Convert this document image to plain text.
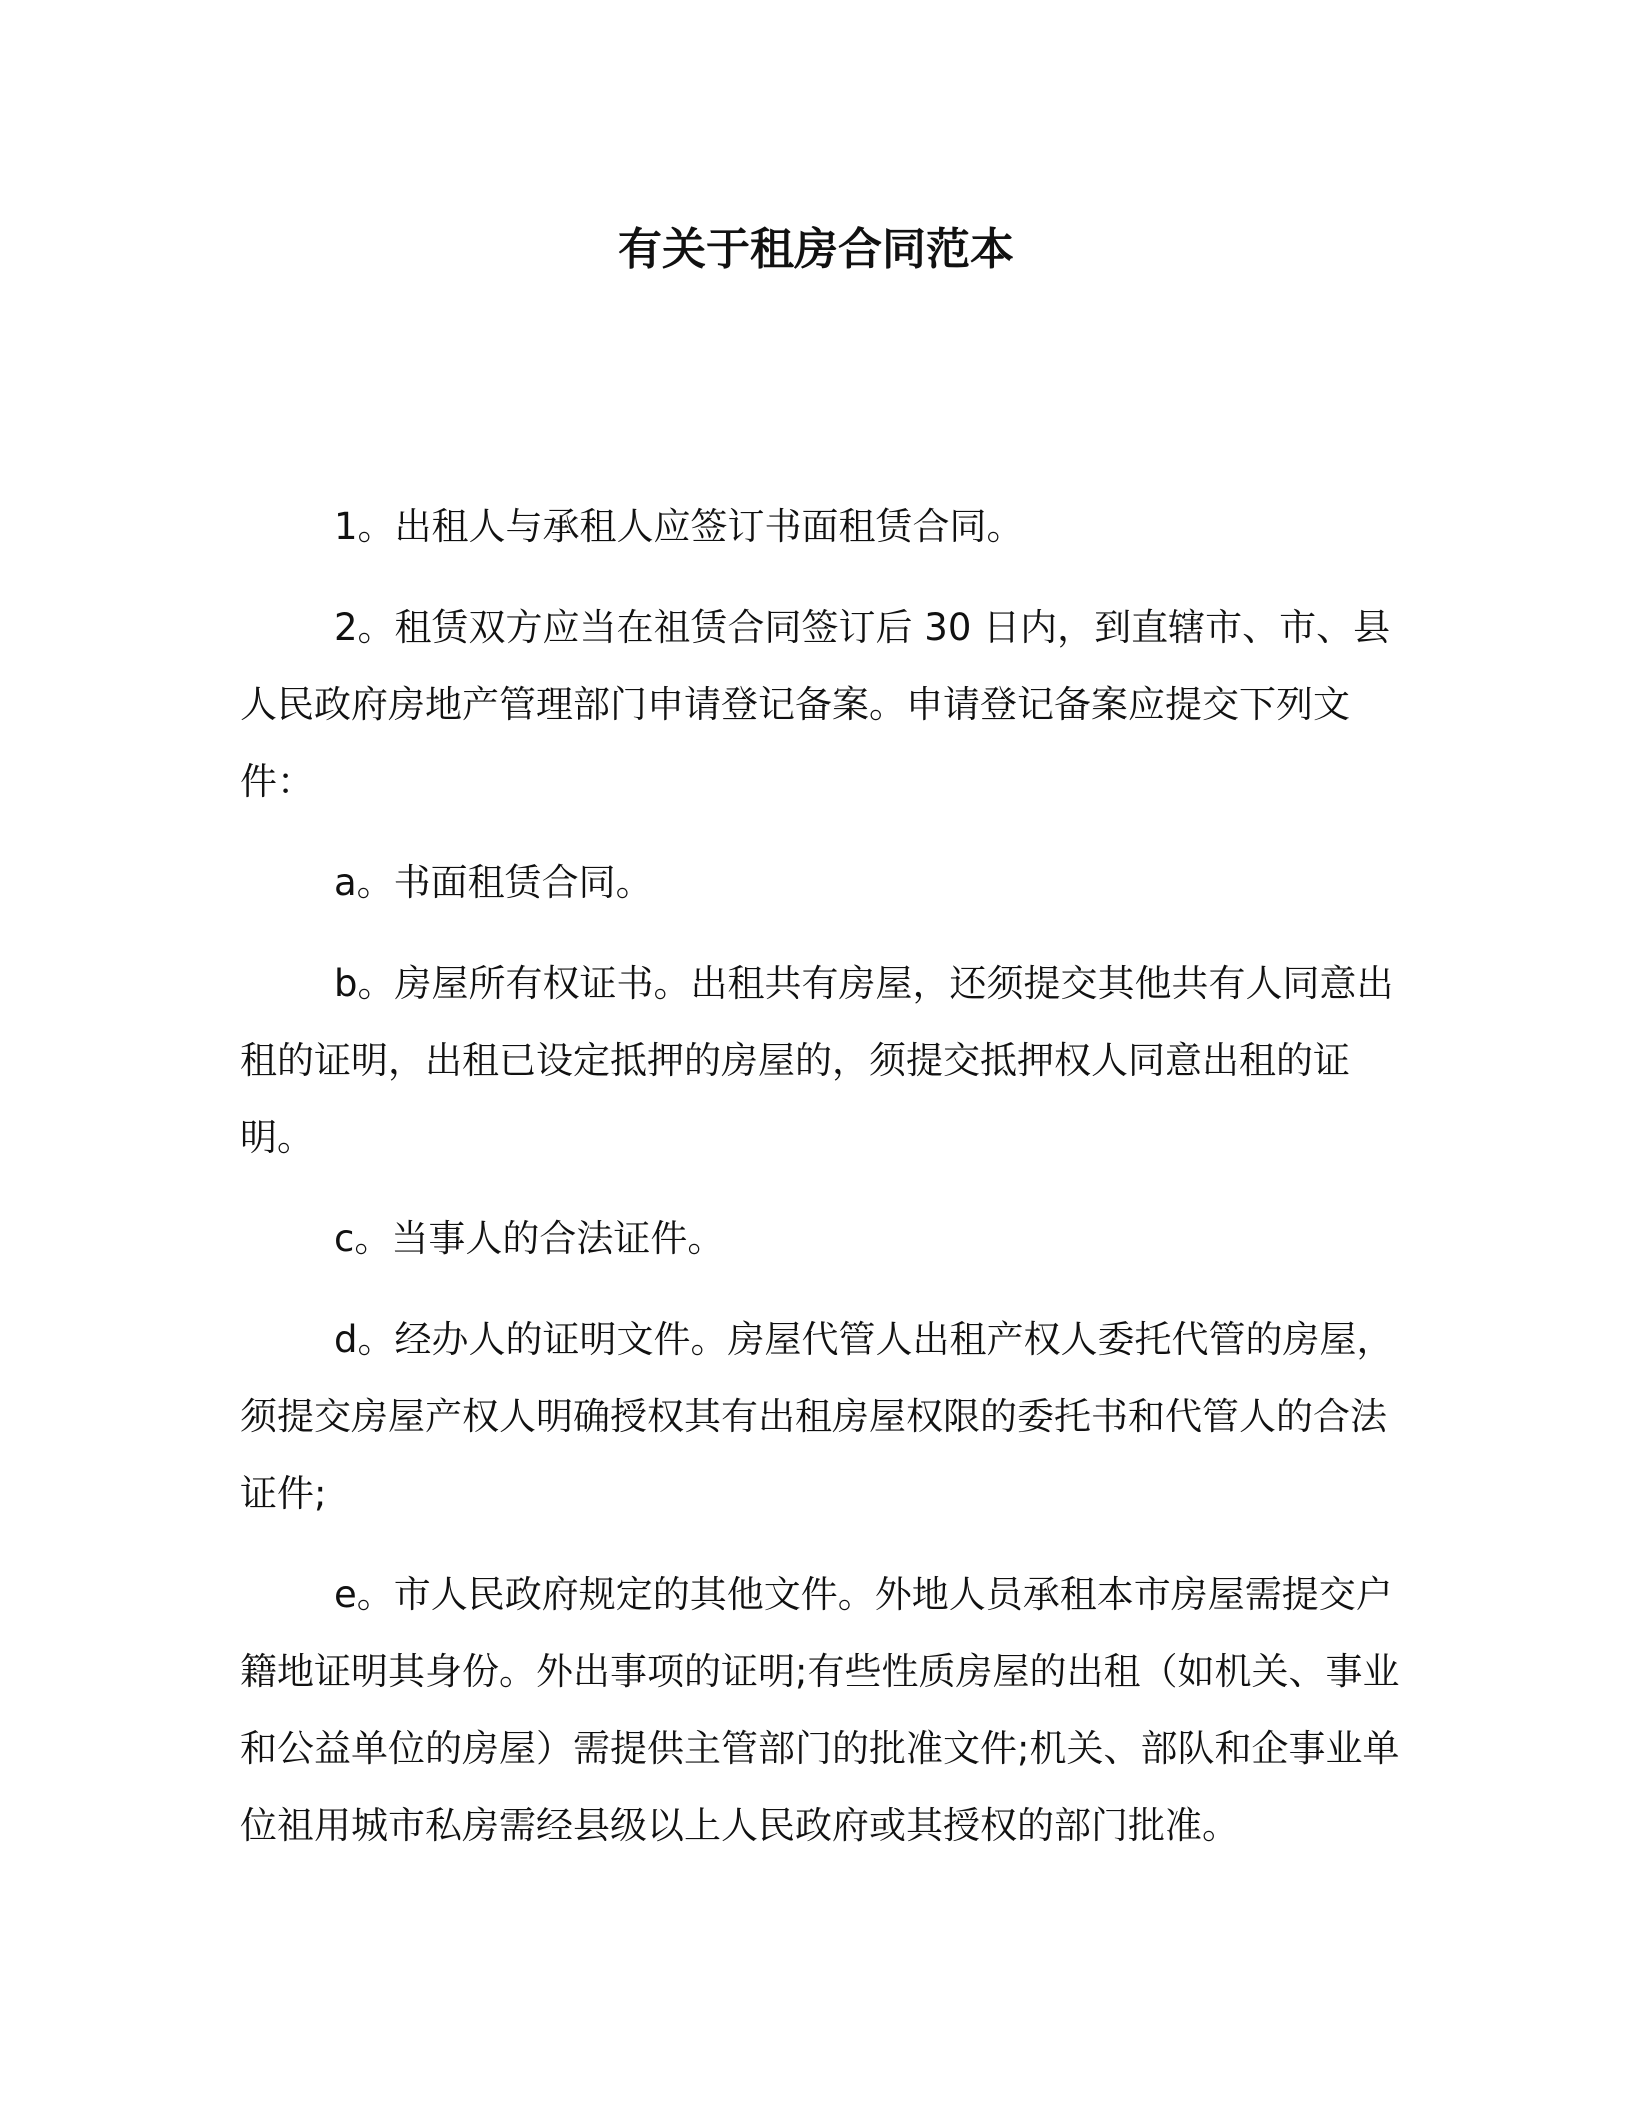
有关于租房合同范本

1。出租人与承租人应签订书面租赁合同。

2。租赁双方应当在祖赁合同签订后 30 日内，到直辖市、市、县人民政府房地产管理部门申请登记备案。申请登记备案应提交下列文件：

a。书面租赁合同。

b。房屋所有权证书。出租共有房屋，还须提交其他共有人同意出租的证明，出租已设定抵押的房屋的，须提交抵押权人同意出租的证明。

c。当事人的合法证件。

d。经办人的证明文件。房屋代管人出租产权人委托代管的房屋，须提交房屋产权人明确授权其有出租房屋权限的委托书和代管人的合法证件;

e。市人民政府规定的其他文件。外地人员承租本市房屋需提交户籍地证明其身份。外出事项的证明;有些性质房屋的出租（如机关、事业和公益单位的房屋）需提供主管部门的批准文件;机关、部队和企事业单位祖用城市私房需经县级以上人民政府或其授权的部门批准。
